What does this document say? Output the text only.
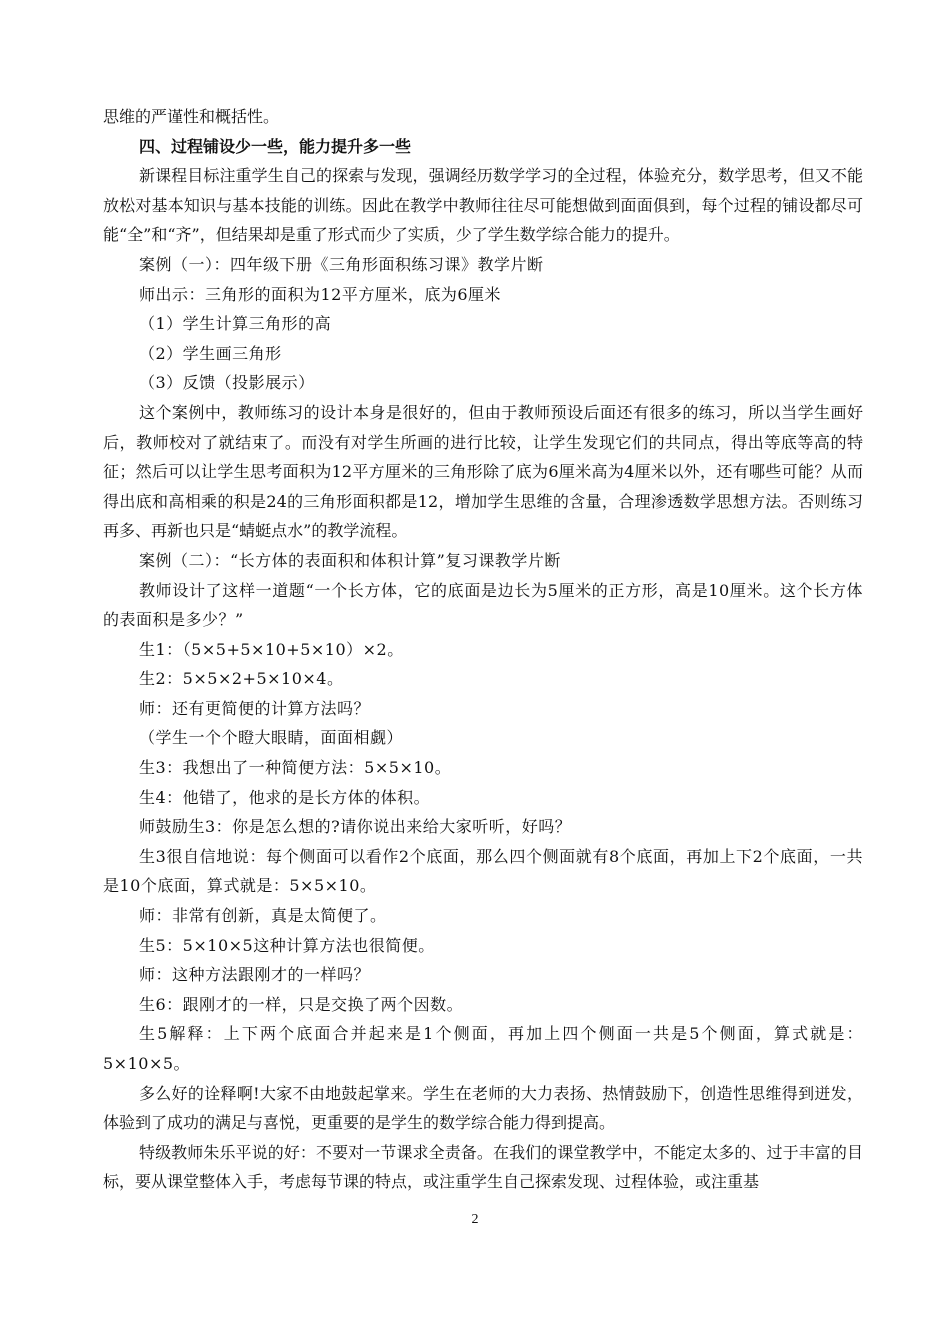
思维的严谨性和概括性。

四、过程铺设少一些，能力提升多一些

新课程目标注重学生自己的探索与发现，强调经历数学学习的全过程，体验充分，数学思考，但又不能放松对基本知识与基本技能的训练。因此在教学中教师往往尽可能想做到面面俱到，每个过程的铺设都尽可能“全”和“齐”，但结果却是重了形式而少了实质，少了学生数学综合能力的提升。

案例（一）：四年级下册《三角形面积练习课》教学片断

师出示：三角形的面积为12平方厘米，底为6厘米

（1）学生计算三角形的高

（2）学生画三角形

（3）反馈（投影展示）

这个案例中，教师练习的设计本身是很好的，但由于教师预设后面还有很多的练习，所以当学生画好后，教师校对了就结束了。而没有对学生所画的进行比较，让学生发现它们的共同点，得出等底等高的特征；然后可以让学生思考面积为12平方厘米的三角形除了底为6厘米高为4厘米以外，还有哪些可能？从而得出底和高相乘的积是24的三角形面积都是12，增加学生思维的含量，合理渗透数学思想方法。否则练习再多、再新也只是“蜻蜓点水”的教学流程。

案例（二）：“长方体的表面积和体积计算”复习课教学片断

教师设计了这样一道题“一个长方体，它的底面是边长为5厘米的正方形，高是10厘米。这个长方体的表面积是多少？”

生1：（5×5+5×10+5×10）×2。

生2：5×5×2+5×10×4。

师：还有更简便的计算方法吗？

（学生一个个瞪大眼睛，面面相觑）

生3：我想出了一种简便方法：5×5×10。

生4：他错了，他求的是长方体的体积。

师鼓励生3：你是怎么想的?请你说出来给大家听听，好吗？

生3很自信地说：每个侧面可以看作2个底面，那么四个侧面就有8个底面，再加上下2个底面，一共是10个底面，算式就是：5×5×10。

师：非常有创新，真是太简便了。

生5：5×10×5这种计算方法也很简便。

师：这种方法跟刚才的一样吗？

生6：跟刚才的一样，只是交换了两个因数。

生5解释：上下两个底面合并起来是1个侧面，再加上四个侧面一共是5个侧面，算式就是：5×10×5。

多么好的诠释啊!大家不由地鼓起掌来。学生在老师的大力表扬、热情鼓励下，创造性思维得到迸发，体验到了成功的满足与喜悦，更重要的是学生的数学综合能力得到提高。

特级教师朱乐平说的好：不要对一节课求全责备。在我们的课堂教学中，不能定太多的、过于丰富的目标，要从课堂整体入手，考虑每节课的特点，或注重学生自己探索发现、过程体验，或注重基

2
